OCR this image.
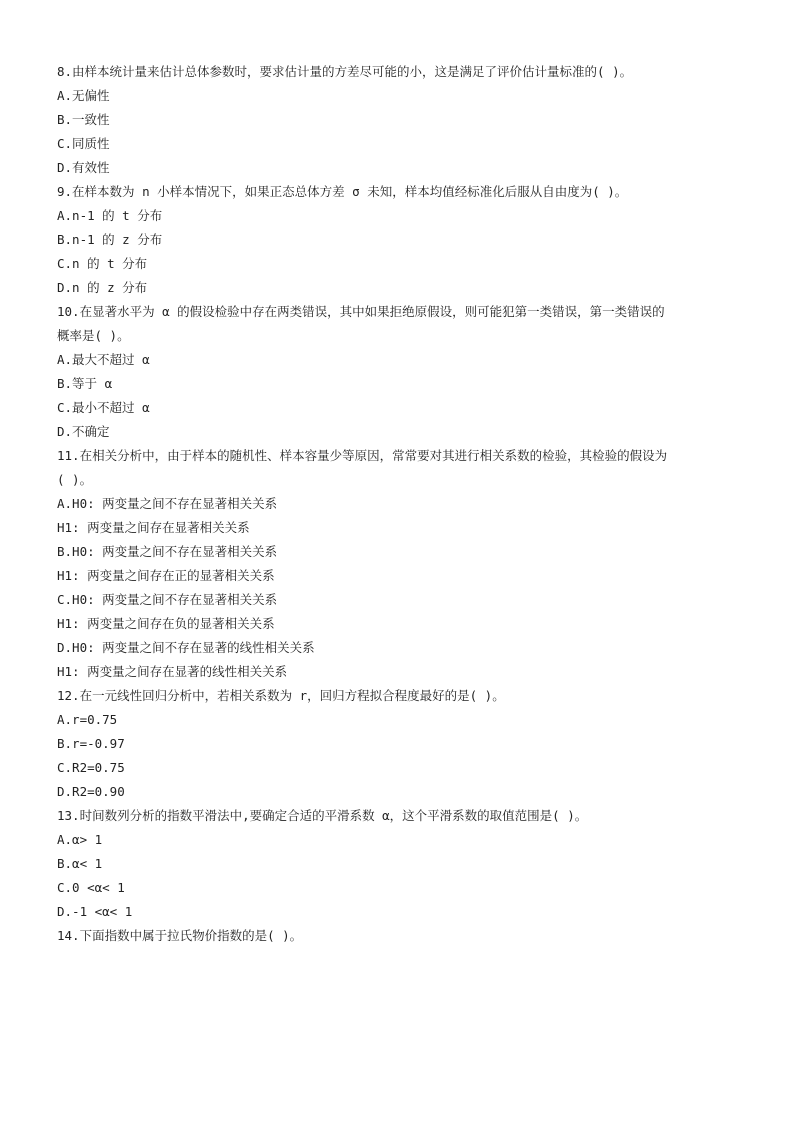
8.由样本统计量来估计总体参数时，要求估计量的方差尽可能的小，这是满足了评价估计量标准的( )。
A.无偏性
B.一致性
C.同质性
D.有效性
9.在样本数为 n 小样本情况下，如果正态总体方差 σ 未知，样本均值经标准化后服从自由度为( )。
A.n-1 的 t 分布
B.n-1 的 z 分布
C.n 的 t 分布
D.n 的 z 分布
10.在显著水平为 α 的假设检验中存在两类错误，其中如果拒绝原假设，则可能犯第一类错误，第一类错误的
概率是( )。
A.最大不超过 α
B.等于 α
C.最小不超过 α
D.不确定
11.在相关分析中，由于样本的随机性、样本容量少等原因，常常要对其进行相关系数的检验，其检验的假设为
( )。
A.H0: 两变量之间不存在显著相关关系
H1: 两变量之间存在显著相关关系
B.H0: 两变量之间不存在显著相关关系
H1: 两变量之间存在正的显著相关关系
C.H0: 两变量之间不存在显著相关关系
H1: 两变量之间存在负的显著相关关系
D.H0: 两变量之间不存在显著的线性相关关系
H1: 两变量之间存在显著的线性相关关系
12.在一元线性回归分析中，若相关系数为 r，回归方程拟合程度最好的是( )。
A.r=0.75
B.r=-0.97
C.R2=0.75
D.R2=0.90
13.时间数列分析的指数平滑法中,要确定合适的平滑系数 α，这个平滑系数的取值范围是( )。
A.α> 1
B.α< 1
C.0 <α< 1
D.-1 <α< 1
14.下面指数中属于拉氏物价指数的是( )。
